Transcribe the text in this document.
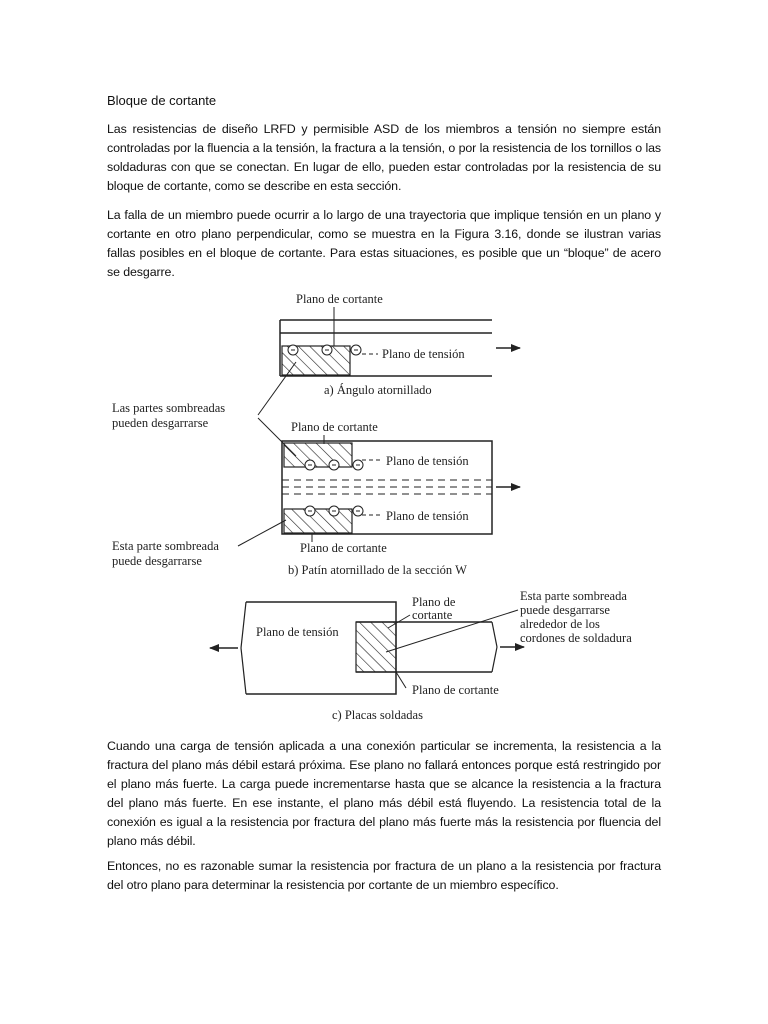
Bloque de cortante

Las resistencias de diseño LRFD y permisible ASD de los miembros a tensión no siempre están controladas por la fluencia a la tensión, la fractura a la tensión, o por la resistencia de los tornillos o las soldaduras con que se conectan. En lugar de ello, pueden estar controladas por la resistencia de su bloque de cortante, como se describe en esta sección.

La falla de un miembro puede ocurrir a lo largo de una trayectoria que implique tensión en un plano y cortante en otro plano perpendicular, como se muestra en la Figura 3.16, donde se ilustran varias fallas posibles en el bloque de cortante. Para estas situaciones, es posible que un “bloque” de acero se desgarre.

Plano de cortante
Plano de tensión
a) Ángulo atornillado
Las partes sombreadas
pueden desgarrarse	Plano de cortante
Plano de tensión
Plano de tensión
Plano de cortante
b) Patín atornillado de la sección W
Esta parte sombreada
puede desgarrarse
Plano de
cortante
Plano de tensión
Esta parte sombreada
puede desgarrarse
alrededor de los
cordones de soldadura
Plano de cortante
c) Placas soldadas

Cuando una carga de tensión aplicada a una conexión particular se incrementa, la resistencia a la fractura del plano más débil estará próxima. Ese plano no fallará entonces porque está restringido por el plano más fuerte. La carga puede incrementarse hasta que se alcance la resistencia a la fractura del plano más fuerte. En ese instante, el plano más débil está fluyendo. La resistencia total de la conexión es igual a la resistencia por fractura del plano más fuerte más la resistencia por fluencia del plano más débil.

Entonces, no es razonable sumar la resistencia por fractura de un plano a la resistencia por fractura del otro plano para determinar la resistencia por cortante de un miembro específico.
